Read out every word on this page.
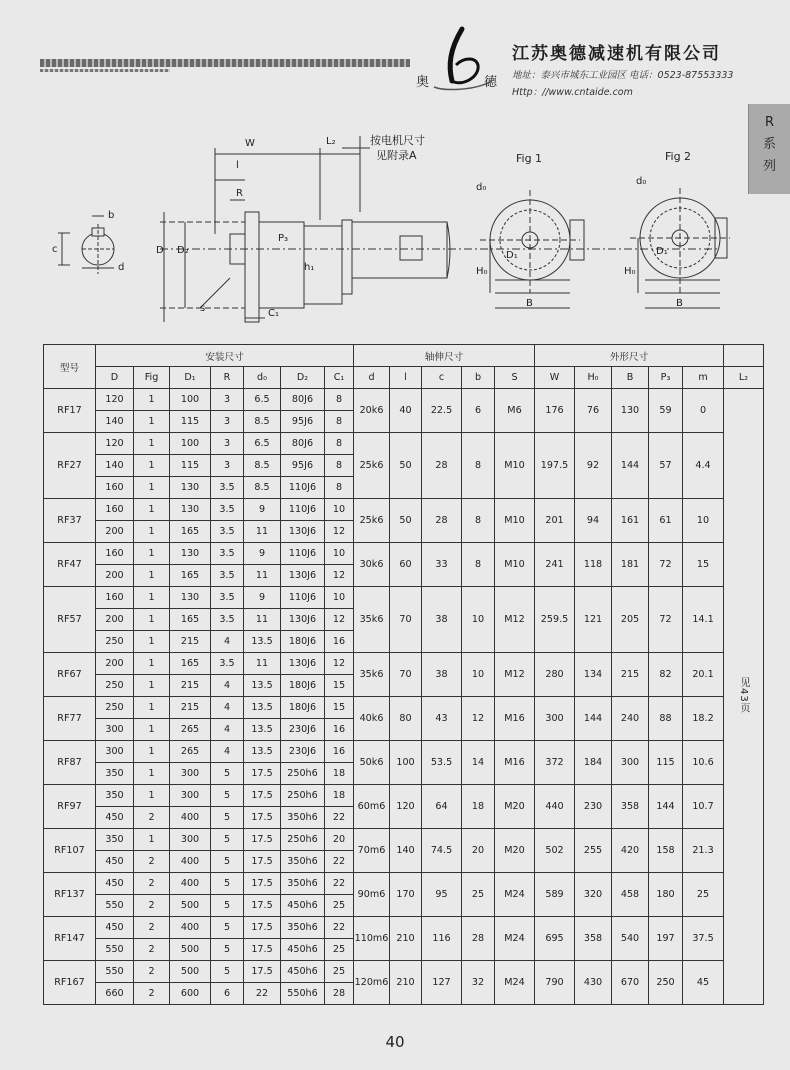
奥	德
江苏奥德减速机有限公司
地址：泰兴市城东工业园区 电话：0523-87553333
Http：//www.cntaide.com
R
系
列
W	L₂	按电机尺寸
见附录A
l
R
D D₂
P₃
h₁
C₁
s
b
c
d
Fig 1	Fig 2
d₀
d₀
D₁	D₁
H₀	H₀
B	B
型号	安装尺寸							轴伸尺寸					外形尺寸					
	D	Fig	D₁	R	d₀	D₂	C₁	d	l	c	b	S	W	H₀	B	P₃	m	L₂
RF17	120	1	100	3	6.5	80J6	8	20k6	40	22.5	6	M6	176	76	130	59	0	见43页
	140	1	115	3	8.5	95J6	8											
RF27	120	1	100	3	6.5	80J6	8	25k6	50	28	8	M10	197.5	92	144	57	4.4	
	140	1	115	3	8.5	95J6	8											
	160	1	130	3.5	8.5	110J6	8											
RF37	160	1	130	3.5	9	110J6	10	25k6	50	28	8	M10	201	94	161	61	10	
	200	1	165	3.5	11	130J6	12											
RF47	160	1	130	3.5	9	110J6	10	30k6	60	33	8	M10	241	118	181	72	15	
	200	1	165	3.5	11	130J6	12											
RF57	160	1	130	3.5	9	110J6	10	35k6	70	38	10	M12	259.5	121	205	72	14.1	
	200	1	165	3.5	11	130J6	12											
	250	1	215	4	13.5	180J6	16											
RF67	200	1	165	3.5	11	130J6	12	35k6	70	38	10	M12	280	134	215	82	20.1	
	250	1	215	4	13.5	180J6	15											
RF77	250	1	215	4	13.5	180J6	15	40k6	80	43	12	M16	300	144	240	88	18.2	
	300	1	265	4	13.5	230J6	16											
RF87	300	1	265	4	13.5	230J6	16	50k6	100	53.5	14	M16	372	184	300	115	10.6	
	350	1	300	5	17.5	250h6	18											
RF97	350	1	300	5	17.5	250h6	18	60m6	120	64	18	M20	440	230	358	144	10.7	
	450	2	400	5	17.5	350h6	22											
RF107	350	1	300	5	17.5	250h6	20	70m6	140	74.5	20	M20	502	255	420	158	21.3	
	450	2	400	5	17.5	350h6	22											
RF137	450	2	400	5	17.5	350h6	22	90m6	170	95	25	M24	589	320	458	180	25	
	550	2	500	5	17.5	450h6	25											
RF147	450	2	400	5	17.5	350h6	22	110m6	210	116	28	M24	695	358	540	197	37.5	
	550	2	500	5	17.5	450h6	25											
RF167	550	2	500	5	17.5	450h6	25	120m6	210	127	32	M24	790	430	670	250	45	
	660	2	600	6	22	550h6	28											
40
